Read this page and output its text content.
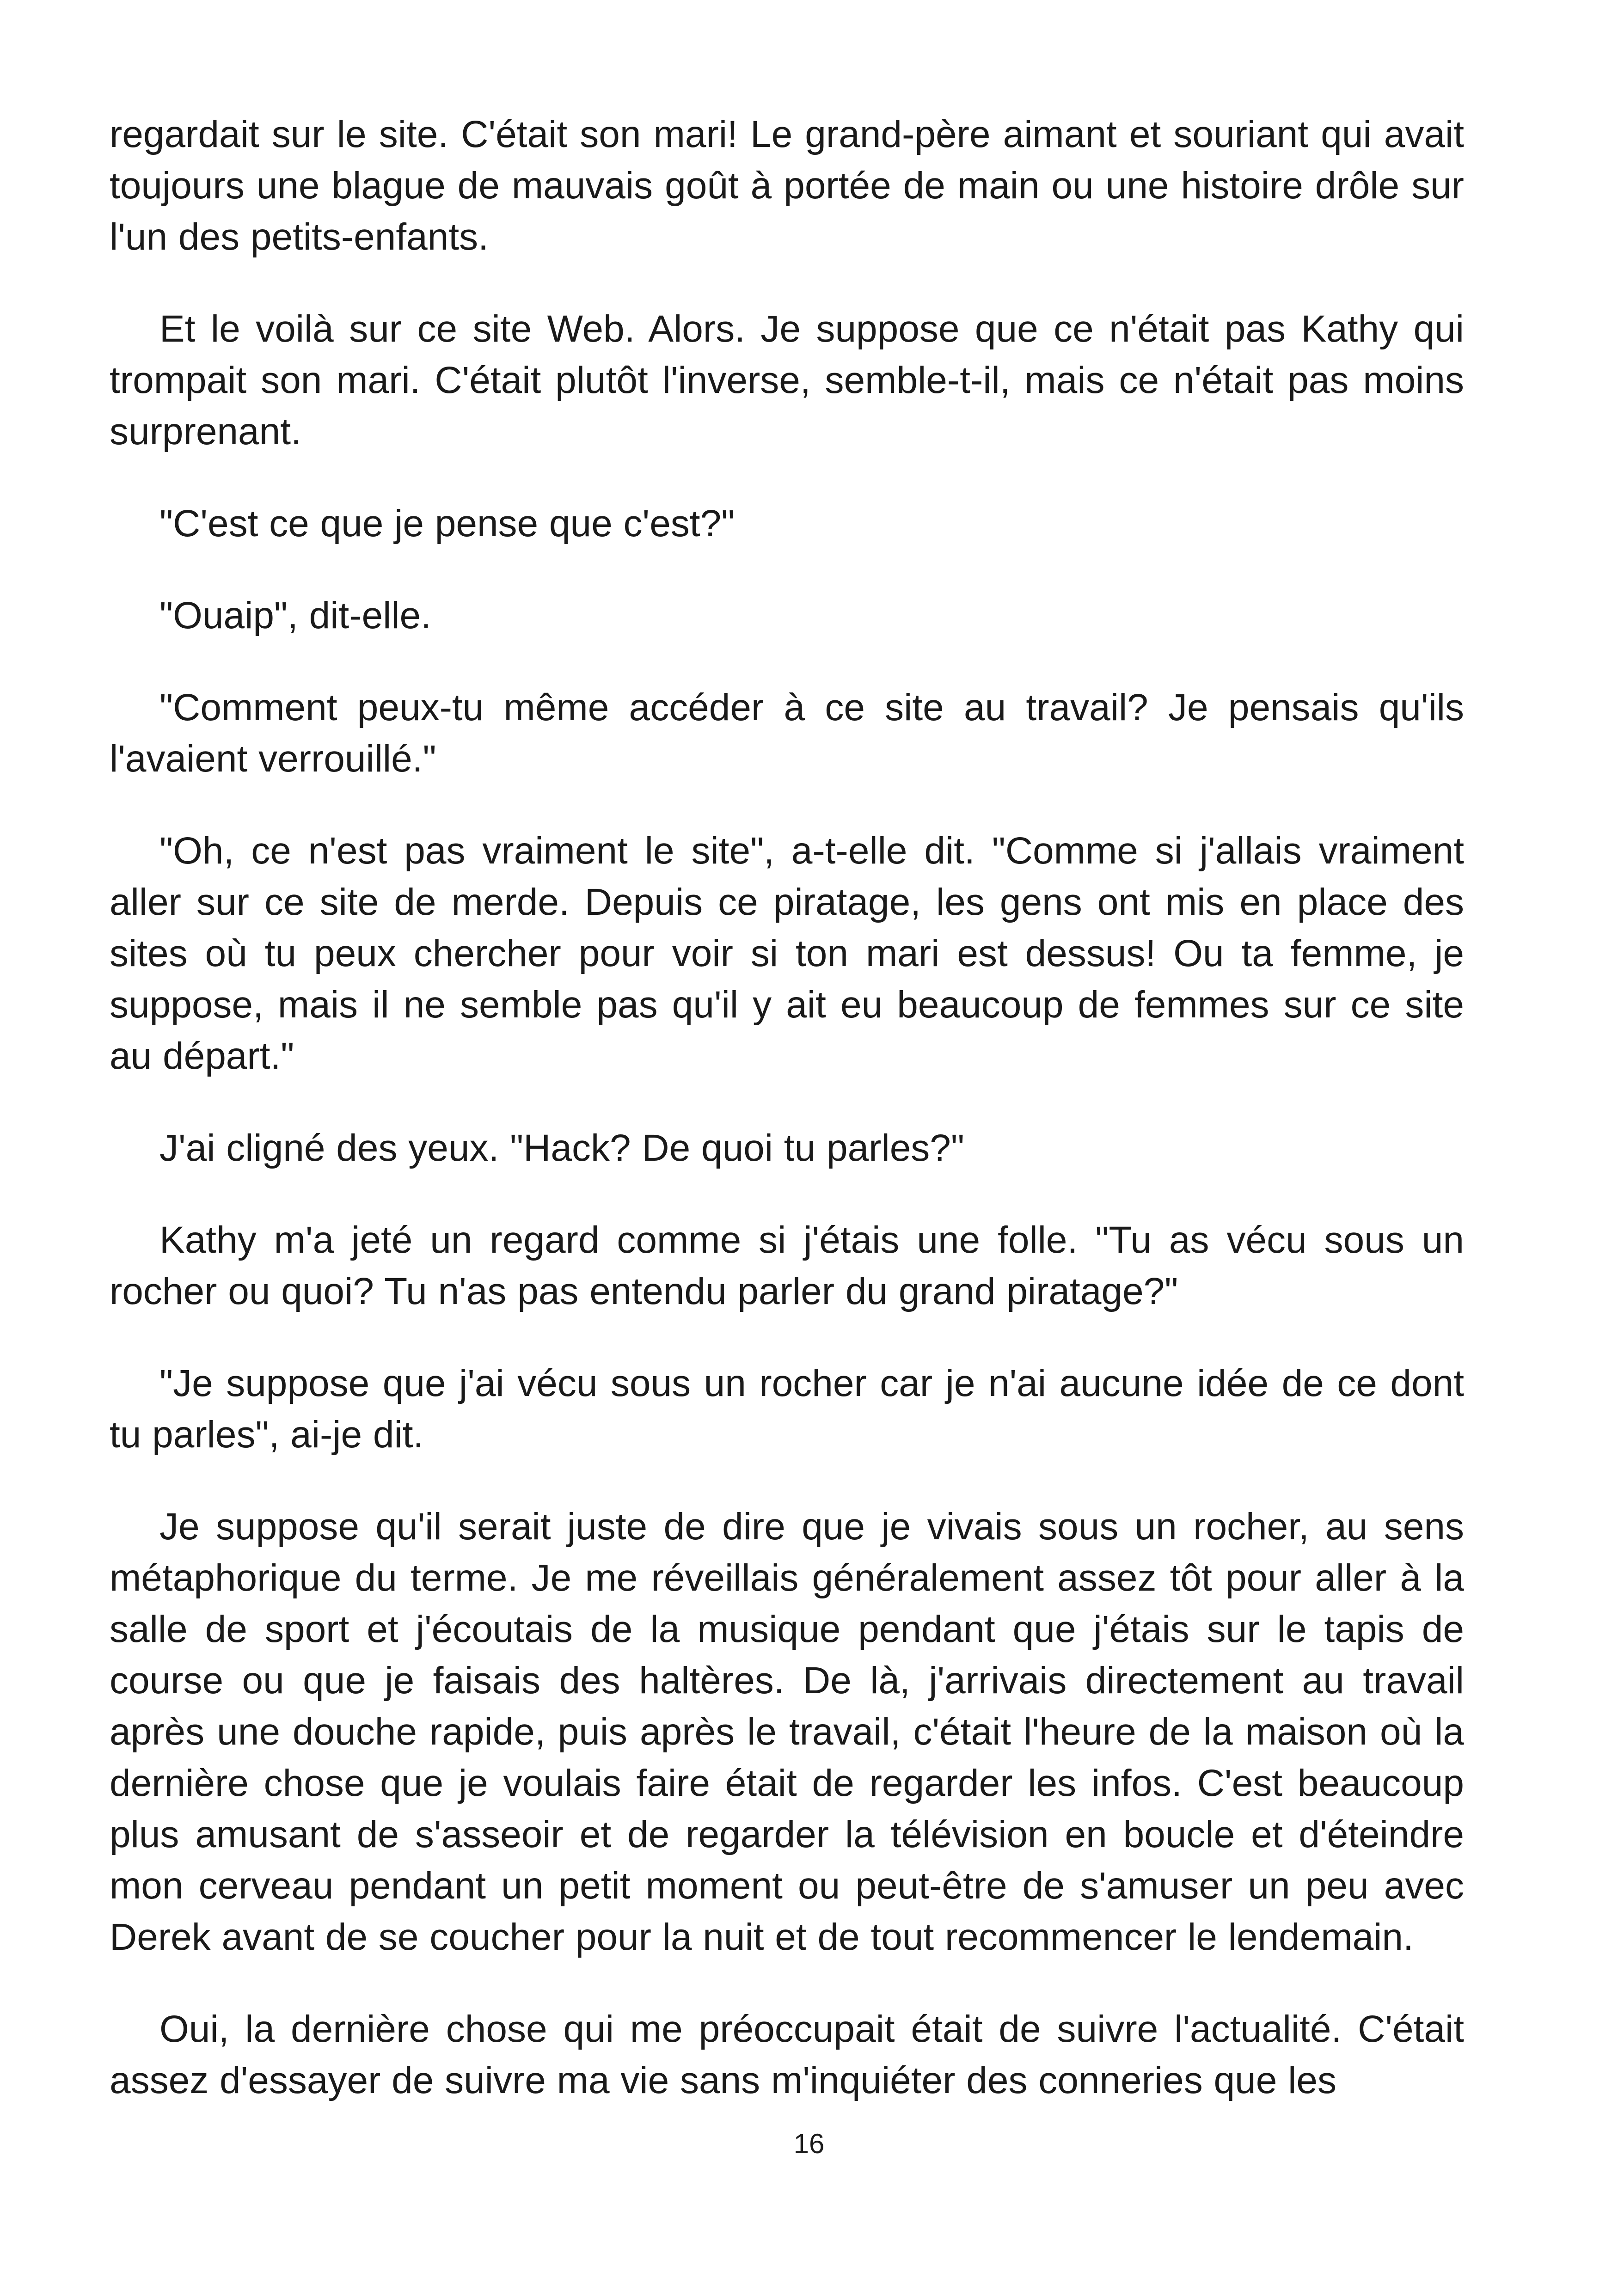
regardait sur le site. C'était son mari! Le grand-père aimant et souriant qui avait toujours une blague de mauvais goût à portée de main ou une histoire drôle sur l'un des petits-enfants.

Et le voilà sur ce site Web. Alors. Je suppose que ce n'était pas Kathy qui trompait son mari. C'était plutôt l'inverse, semble-t-il, mais ce n'était pas moins surprenant.

"C'est ce que je pense que c'est?"

"Ouaip", dit-elle.

"Comment peux-tu même accéder à ce site au travail? Je pensais qu'ils l'avaient verrouillé."

"Oh, ce n'est pas vraiment le site", a-t-elle dit. "Comme si j'allais vraiment aller sur ce site de merde. Depuis ce piratage, les gens ont mis en place des sites où tu peux chercher pour voir si ton mari est dessus! Ou ta femme, je suppose, mais il ne semble pas qu'il y ait eu beaucoup de femmes sur ce site au départ."

J'ai cligné des yeux. "Hack? De quoi tu parles?"

Kathy m'a jeté un regard comme si j'étais une folle. "Tu as vécu sous un rocher ou quoi? Tu n'as pas entendu parler du grand piratage?"

"Je suppose que j'ai vécu sous un rocher car je n'ai aucune idée de ce dont tu parles", ai-je dit.

Je suppose qu'il serait juste de dire que je vivais sous un rocher, au sens métaphorique du terme. Je me réveillais généralement assez tôt pour aller à la salle de sport et j'écoutais de la musique pendant que j'étais sur le tapis de course ou que je faisais des haltères. De là, j'arrivais directement au travail après une douche rapide, puis après le travail, c'était l'heure de la maison où la dernière chose que je voulais faire était de regarder les infos. C'est beaucoup plus amusant de s'asseoir et de regarder la télévision en boucle et d'éteindre mon cerveau pendant un petit moment ou peut-être de s'amuser un peu avec Derek avant de se coucher pour la nuit et de tout recommencer le lendemain.

Oui, la dernière chose qui me préoccupait était de suivre l'actualité. C'était assez d'essayer de suivre ma vie sans m'inquiéter des conneries que les

16
